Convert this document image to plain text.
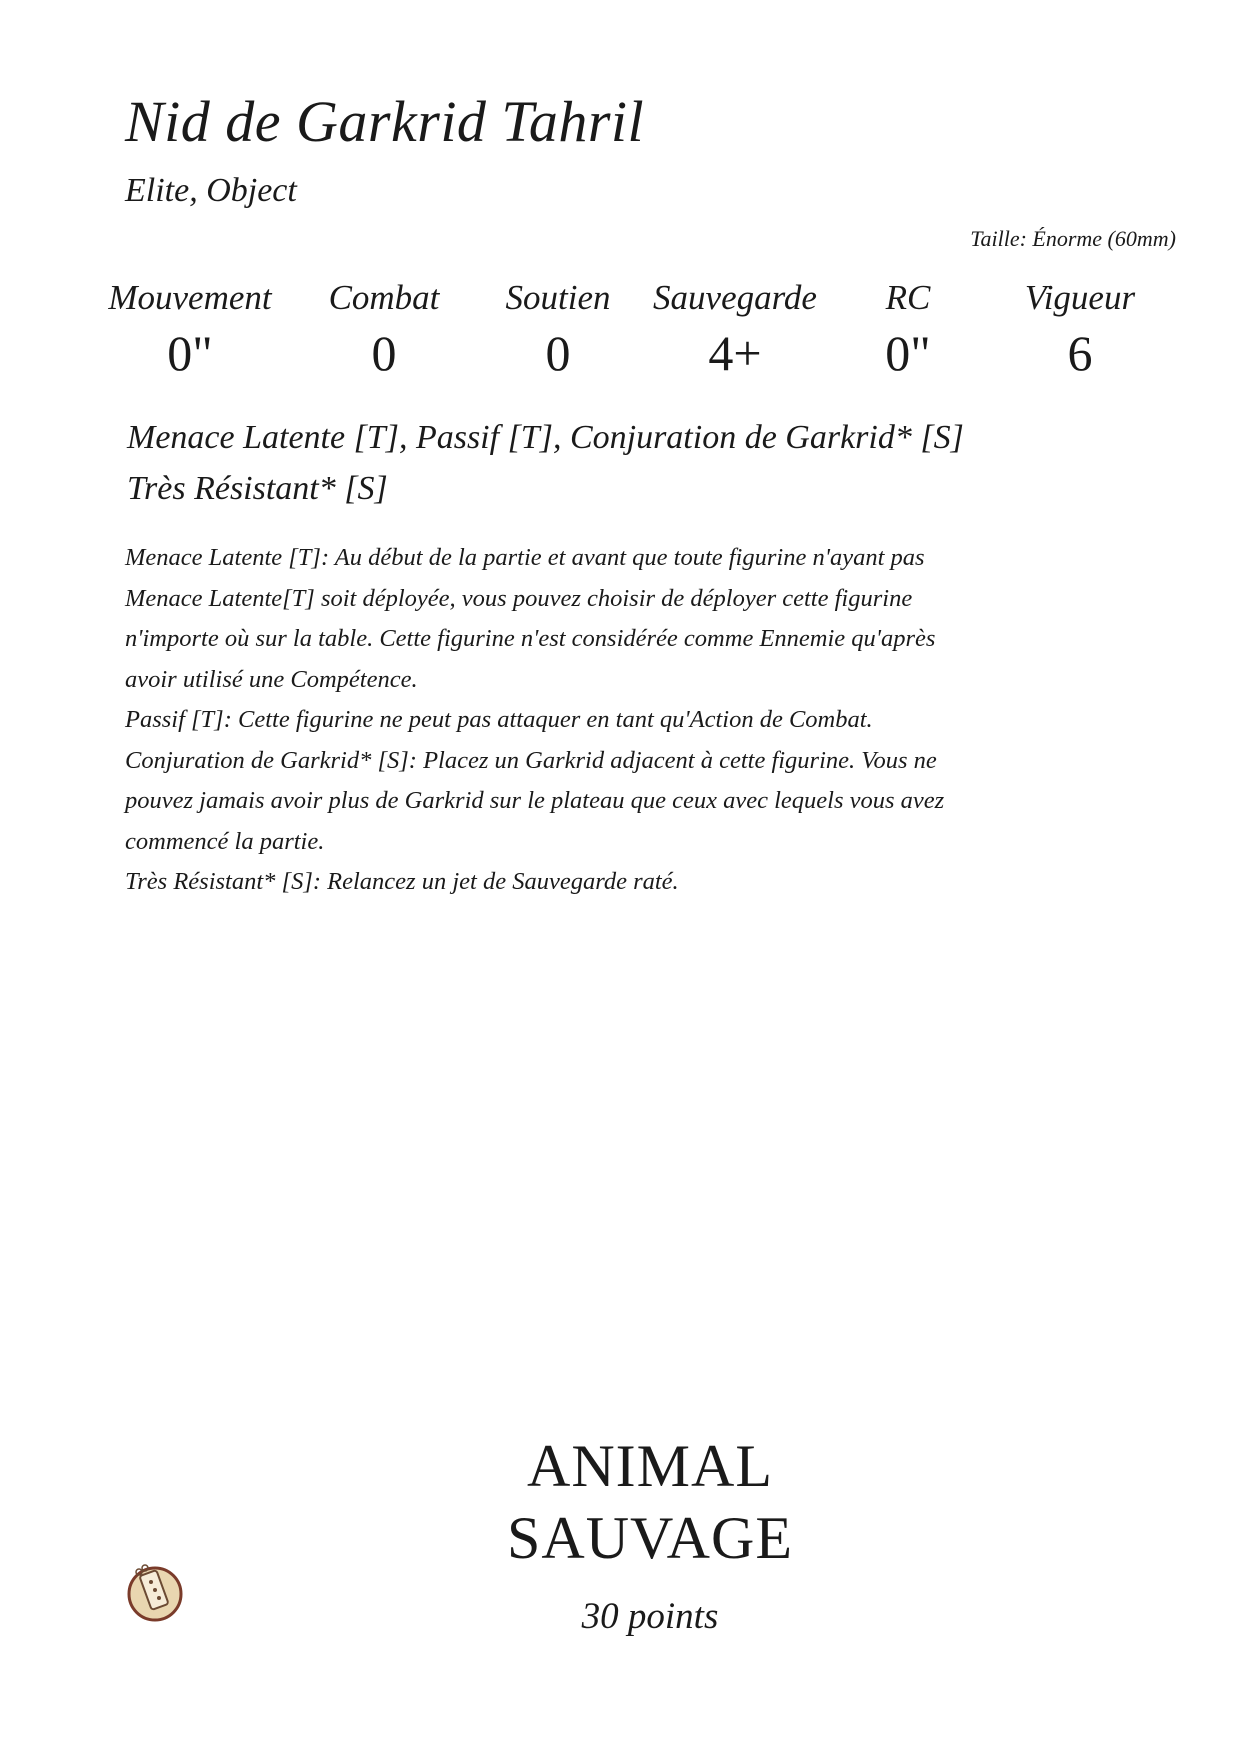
Nid de Garkrid Tahril
Elite, Object
Taille: Énorme (60mm)
Mouvement
0"
Combat
0
Soutien
0
Sauvegarde
4+
RC
0"
Vigueur
6
Menace Latente [T], Passif [T], Conjuration de Garkrid* [S]
Très Résistant* [S]
Menace Latente [T]: Au début de la partie et avant que toute figurine n'ayant pas
Menace Latente[T] soit déployée, vous pouvez choisir de déployer cette figurine
n'importe où sur la table. Cette figurine n'est considérée comme Ennemie qu'après
avoir utilisé une Compétence.
Passif [T]: Cette figurine ne peut pas attaquer en tant qu'Action de Combat.
Conjuration de Garkrid* [S]: Placez un Garkrid adjacent à cette figurine. Vous ne
pouvez jamais avoir plus de Garkrid sur le plateau que ceux avec lequels vous avez
commencé la partie.
Très Résistant* [S]: Relancez un jet de Sauvegarde raté.
ANIMAL
SAUVAGE
30 points
